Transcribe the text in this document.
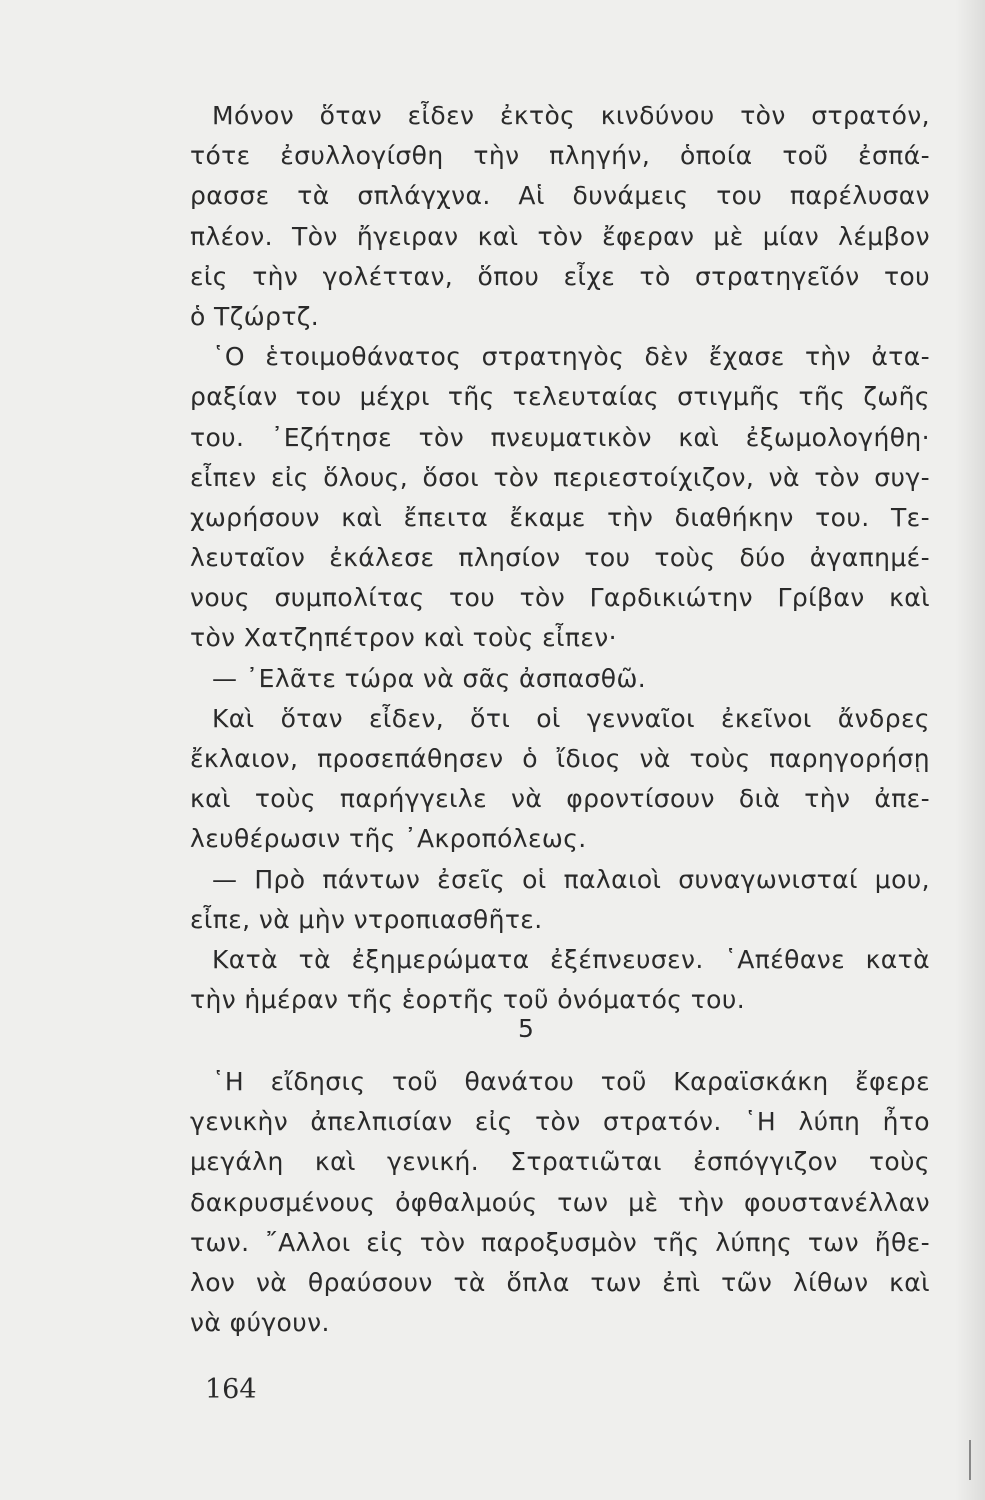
Μόνον ὅταν εἶδεν ἐκτὸς κινδύνου τὸν στρατόν,
τότε ἐσυλλογίσθη τὴν πληγήν, ὁποία τοῦ ἐσπά-
ρασσε τὰ σπλάγχνα. Αἱ δυνάμεις του παρέλυσαν
πλέον. Τὸν ἤγειραν καὶ τὸν ἔφεραν μὲ μίαν λέμβον
εἰς τὴν γολέτταν, ὅπου εἶχε τὸ στρατηγεῖόν του
ὁ Τζώρτζ.
῾Ο ἑτοιμοθάνατος στρατηγὸς δὲν ἔχασε τὴν ἀτα-
ραξίαν του μέχρι τῆς τελευταίας στιγμῆς τῆς ζωῆς
του. ᾿Εζήτησε τὸν πνευματικὸν καὶ ἐξωμολογήθη·
εἶπεν εἰς ὅλους, ὅσοι τὸν περιεστοίχιζον, νὰ τὸν συγ-
χωρήσουν καὶ ἔπειτα ἔκαμε τὴν διαθήκην του. Τε-
λευταῖον ἐκάλεσε πλησίον του τοὺς δύο ἀγαπημέ-
νους συμπολίτας του τὸν Γαρδικιώτην Γρίβαν καὶ
τὸν Χατζηπέτρον καὶ τοὺς εἶπεν·
— ᾿Ελᾶτε τώρα νὰ σᾶς ἀσπασθῶ.
Καὶ ὅταν εἶδεν, ὅτι οἱ γενναῖοι ἐκεῖνοι ἄνδρες
ἔκλαιον, προσεπάθησεν ὁ ἴδιος νὰ τοὺς παρηγορήσῃ
καὶ τοὺς παρήγγειλε νὰ φροντίσουν διὰ τὴν ἀπε-
λευθέρωσιν τῆς ᾿Ακροπόλεως.
— Πρὸ πάντων ἐσεῖς οἱ παλαιοὶ συναγωνισταί μου,
εἶπε, νὰ μὴν ντροπιασθῆτε.
Κατὰ τὰ ἐξημερώματα ἐξέπνευσεν. ῾Απέθανε κατὰ
τὴν ἡμέραν τῆς ἑορτῆς τοῦ ὀνόματός του.
5
῾Η εἴδησις τοῦ θανάτου τοῦ Καραϊσκάκη ἔφερε
γενικὴν ἀπελπισίαν εἰς τὸν στρατόν. ῾Η λύπη ἦτο
μεγάλη καὶ γενική. Στρατιῶται ἐσπόγγιζον τοὺς
δακρυσμένους ὀφθαλμούς των μὲ τὴν φουστανέλλαν
των. ῎Αλλοι εἰς τὸν παροξυσμὸν τῆς λύπης των ἤθε-
λον νὰ θραύσουν τὰ ὅπλα των ἐπὶ τῶν λίθων καὶ
νὰ φύγουν.
164
